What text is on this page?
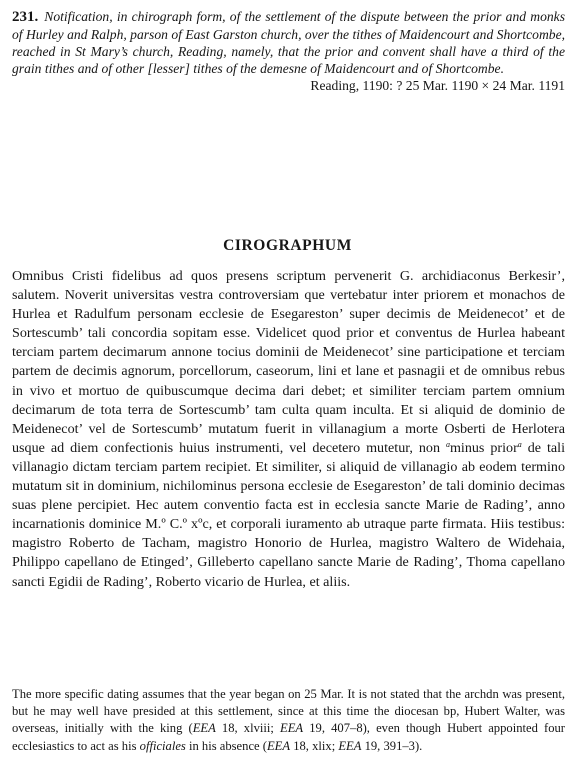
231. Notification, in chirograph form, of the settlement of the dispute between the prior and monks of Hurley and Ralph, parson of East Garston church, over the tithes of Maidencourt and Shortcombe, reached in St Mary’s church, Reading, namely, that the prior and convent shall have a third of the grain tithes and of other [lesser] tithes of the demesne of Maidencourt and of Shortcombe.

Reading, 1190: ? 25 Mar. 1190 × 24 Mar. 1191
CIROGRAPHUM

Omnibus Cristi fidelibus ad quos presens scriptum pervenerit G. archidiaconus Berkesir’, salutem. Noverit universitas vestra controversiam que vertebatur inter priorem et monachos de Hurlea et Radulfum personam ecclesie de Esegareston’ super decimis de Meidenecot’ et de Sortescumb’ tali concordia sopitam esse. Videlicet quod prior et conventus de Hurlea habeant terciam partem decimarum annone tocius dominii de Meidenecot’ sine participatione et terciam partem de decimis agnorum, porcellorum, caseorum, lini et lane et pasnagii et de omnibus rebus in vivo et mortuo de quibuscumque decima dari debet; et similiter terciam partem omnium decimarum de tota terra de Sortescumb’ tam culta quam inculta. Et si aliquid de dominio de Meidenecot’ vel de Sortescumb’ mutatum fuerit in villanagium a morte Osberti de Herlotera usque ad diem confectionis huius instrumenti, vel decetero mutetur, non $^a$minus prior$^a$ de tali villanagio dictam terciam partem recipiet. Et similiter, si aliquid de villanagio ab eodem termino mutatum sit in dominium, nichilominus persona ecclesie de Esegareston’ de tali dominio decimas suas plene percipiet. Hec autem conventio facta est in ecclesia sancte Marie de Rading’, anno incarnationis dominice M.º C.º xºc, et corporali iuramento ab utraque parte firmata. Hiis testibus: magistro Roberto de Tacham, magistro Honorio de Hurlea, magistro Waltero de Widehaia, Philippo capellano de Etinged’, Gilleberto capellano sancte Marie de Rading’, Thoma capellano sancti Egidii de Rading’, Roberto vicario de Hurlea, et aliis.

The more specific dating assumes that the year began on 25 Mar. It is not stated that the archdn was present, but he may well have presided at this settlement, since at this time the diocesan bp, Hubert Walter, was overseas, initially with the king (EEA 18, xlviii; EEA 19, 407–8), even though Hubert appointed four ecclesiastics to act as his officiales in his absence (EEA 18, xlix; EEA 19, 391–3).
